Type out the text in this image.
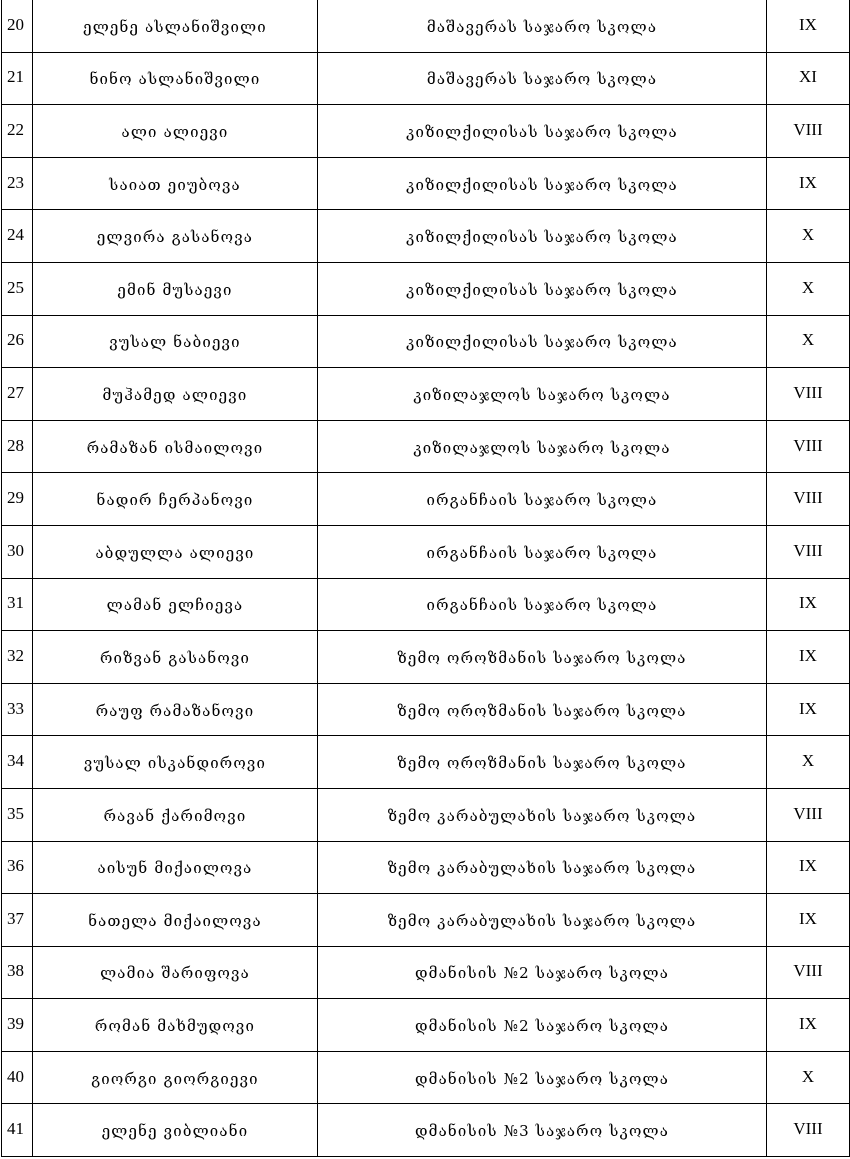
20	ელენე ასლანიშვილი	მაშავერას საჯარო სკოლა	IX
21	ნინო ასლანიშვილი	მაშავერას საჯარო სკოლა	XI
22	ალი ალიევი	კიზილქილისას საჯარო სკოლა	VIII
23	საიათ ეიუბოვა	კიზილქილისას საჯარო სკოლა	IX
24	ელვირა გასანოვა	კიზილქილისას საჯარო სკოლა	X
25	ემინ მუსაევი	კიზილქილისას საჯარო სკოლა	X
26	ვუსალ ნაბიევი	კიზილქილისას საჯარო სკოლა	X
27	მუჰამედ ალიევი	კიზილაჯლოს საჯარო სკოლა	VIII
28	რამაზან ისმაილოვი	კიზილაჯლოს საჯარო სკოლა	VIII
29	ნადირ ჩერპანოვი	ირგანჩაის საჯარო სკოლა	VIII
30	აბდულლა ალიევი	ირგანჩაის საჯარო სკოლა	VIII
31	ლამან ელჩიევა	ირგანჩაის საჯარო სკოლა	IX
32	რიზვან გასანოვი	ზემო ოროზმანის საჯარო სკოლა	IX
33	რაუფ რამაზანოვი	ზემო ოროზმანის საჯარო სკოლა	IX
34	ვუსალ ისკანდიროვი	ზემო ოროზმანის საჯარო სკოლა	X
35	რავან ქარიმოვი	ზემო კარაბულახის საჯარო სკოლა	VIII
36	აისუნ მიქაილოვა	ზემო კარაბულახის საჯარო სკოლა	IX
37	ნათელა მიქაილოვა	ზემო კარაბულახის საჯარო სკოლა	IX
38	ლამია შარიფოვა	დმანისის №2 საჯარო სკოლა	VIII
39	რომან მახმუდოვი	დმანისის №2 საჯარო სკოლა	IX
40	გიორგი გიორგიევი	დმანისის №2 საჯარო სკოლა	X
41	ელენე ვიბლიანი	დმანისის №3 საჯარო სკოლა	VIII
